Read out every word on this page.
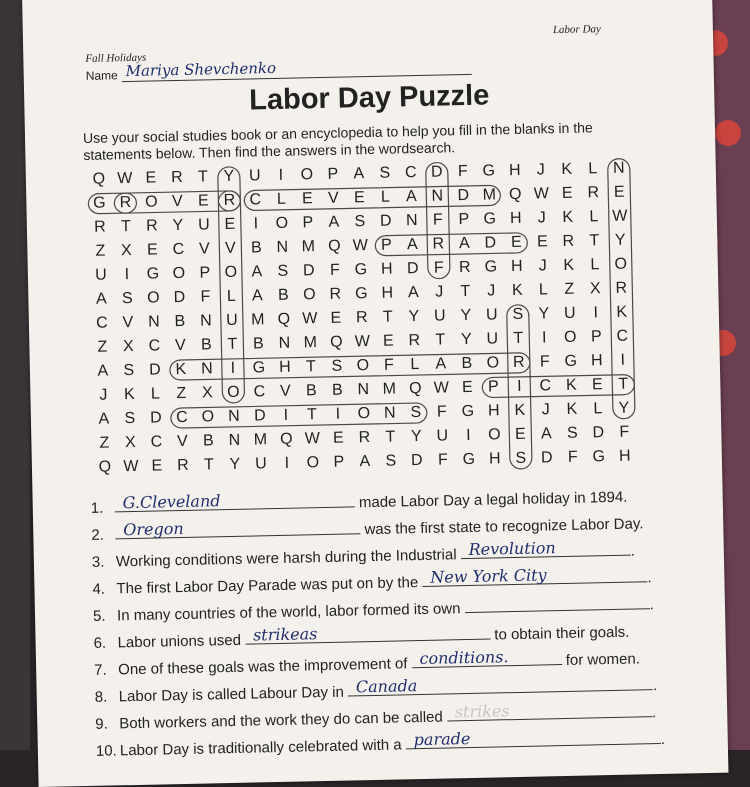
Fall Holidays
Labor Day
Name Mariya Shevchenko
Labor Day Puzzle
Use your social studies book or an encyclopedia to help you fill in the blanks in the statements below. Then find the answers in the wordsearch.
Q W E R T Y U	I	O P A S C D F G H J	K L N
G R O V E R C L E V E L A N D M Q W E R E
R T R Y U E	I	O P A S D N F P G H J	K L W
Z X E C V V B N M Q W P A R A D E E R T Y
U	I	G O P O A S D F G H D F R G H J	K L O
A S O D F	L A B O R G H A	J	T	J	K L	Z X R
C V N B N U M Q W E R T Y U Y U S Y U	I	K
Z X C V B T B N M Q W E R T Y U T	I	O P C
A S D K N	I	G H T S O F	L A B O R F G H	I
J	K L	Z X O C V B B N M Q W E P	I	C K E T
A S D C O N D	I	T	I	O N S F G H K	J	K L Y
Z X C V B N M Q W E R T Y U	I	O E A S D F
Q W E R T Y U	I	O P A S D F G H S D F G H
1. G.Cleveland	made Labor Day a legal holiday in 1894.
2. Oregon	was the first state to recognize Labor Day.
3. Working conditions were harsh during the Industrial Revolution	.
4. The first Labor Day Parade was put on by the New York City	.
5. In many countries of the world, labor formed its own	.
6. Labor unions used strikeas	to obtain their goals.
7. One of these goals was the improvement of conditions.	for women.
8. Labor Day is called Labour Day in Canada	.
9. Both workers and the work they do can be called strikes	.
10. Labor Day is traditionally celebrated with a parade	.
